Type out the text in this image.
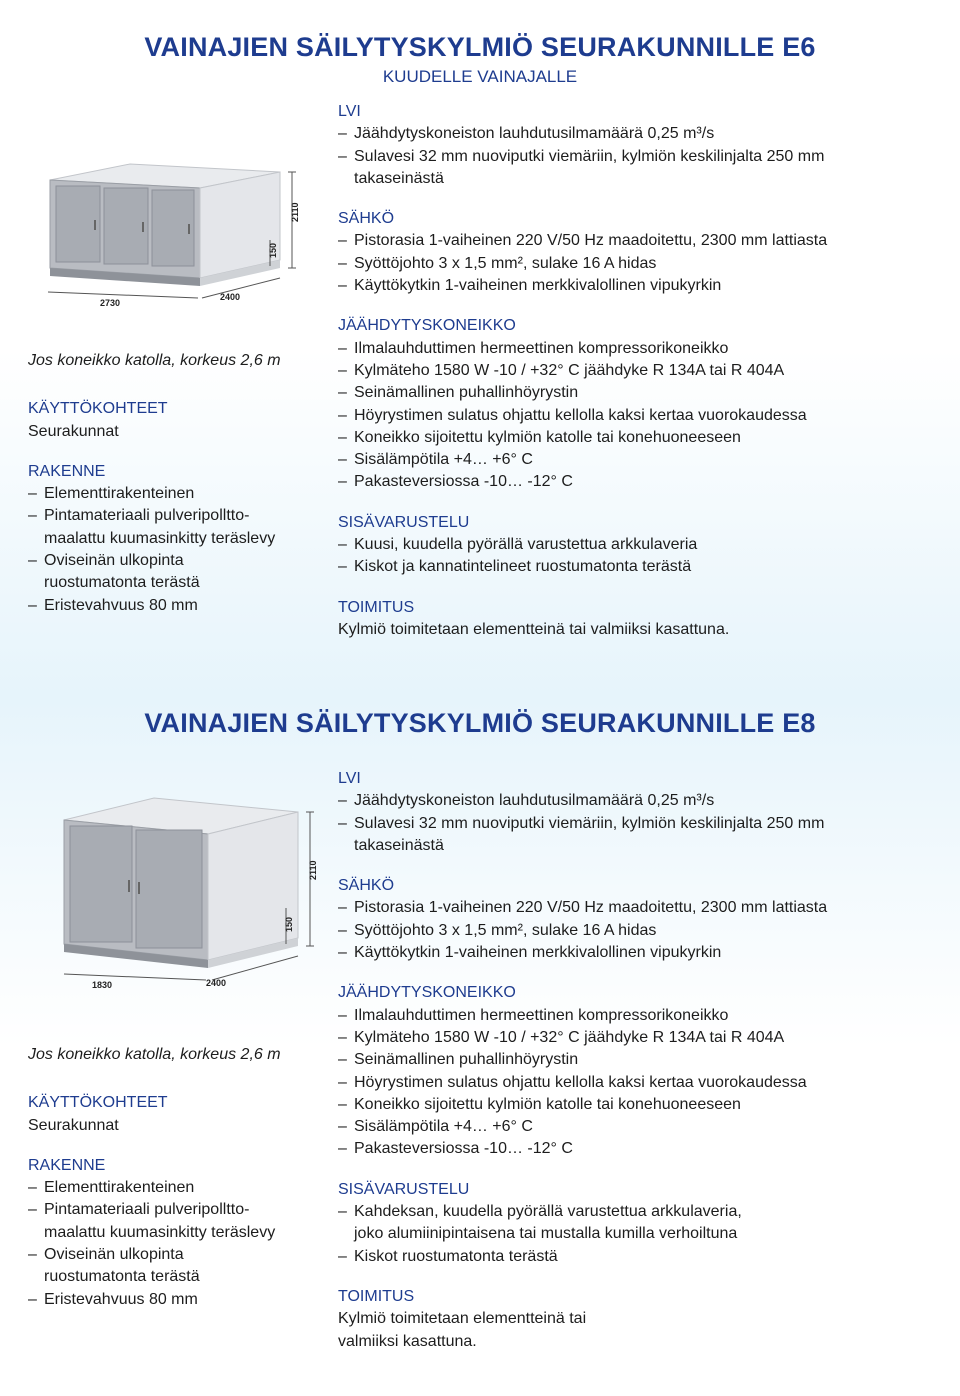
VAINAJIEN SÄILYTYSKYLMIÖ SEURAKUNNILLE E6
KUUDELLE VAINAJALLE
2110
150
2730
2400
LVI
– Jäähdytyskoneiston lauhdutusilmamäärä 0,25 m³/s
– Sulavesi 32 mm nuoviputki viemäriin, kylmiön keskilinjalta 250 mm
takaseinästä
SÄHKÖ
– Pistorasia 1-vaiheinen 220 V/50 Hz maadoitettu, 2300 mm lattiasta
– Syöttöjohto 3 x 1,5 mm², sulake 16 A hidas
– Käyttökytkin 1-vaiheinen merkkivalollinen vipukyrkin
JÄÄHDYTYSKONEIKKO
– Ilmalauhduttimen hermeettinen kompressorikoneikko
– Kylmäteho 1580 W -10 / +32° C jäähdyke R 134A tai R 404A
– Seinämallinen puhallinhöyrystin
– Höyrystimen sulatus ohjattu kellolla kaksi kertaa vuorokaudessa
– Koneikko sijoitettu kylmiön katolle tai konehuoneeseen
– Sisälämpötila +4… +6° C
– Pakasteversiossa -10… -12° C
SISÄVARUSTELU
– Kuusi, kuudella pyörällä varustettua arkkulaveria
– Kiskot ja kannatintelineet ruostumatonta terästä
TOIMITUS
Kylmiö toimitetaan elementteinä tai valmiiksi kasattuna.
Jos koneikko katolla, korkeus 2,6 m
KÄYTTÖKOHTEET
Seurakunnat
RAKENNE
– Elementtirakenteinen
– Pintamateriaali pulveripolltto-
maalattu kuumasinkitty teräslevy
– Oviseinän ulkopinta
ruostumatonta terästä
– Eristevahvuus 80 mm
VAINAJIEN SÄILYTYSKYLMIÖ SEURAKUNNILLE E8
2110
150
1830	2400
LVI
– Jäähdytyskoneiston lauhdutusilmamäärä 0,25 m³/s
– Sulavesi 32 mm nuoviputki viemäriin, kylmiön keskilinjalta 250 mm
takaseinästä
SÄHKÖ
– Pistorasia 1-vaiheinen 220 V/50 Hz maadoitettu, 2300 mm lattiasta
– Syöttöjohto 3 x 1,5 mm², sulake 16 A hidas
– Käyttökytkin 1-vaiheinen merkkivalollinen vipukyrkin
JÄÄHDYTYSKONEIKKO
– Ilmalauhduttimen hermeettinen kompressorikoneikko
– Kylmäteho 1580 W -10 / +32° C jäähdyke R 134A tai R 404A
– Seinämallinen puhallinhöyrystin
– Höyrystimen sulatus ohjattu kellolla kaksi kertaa vuorokaudessa
– Koneikko sijoitettu kylmiön katolle tai konehuoneeseen
– Sisälämpötila +4… +6° C
– Pakasteversiossa -10… -12° C
SISÄVARUSTELU
– Kahdeksan, kuudella pyörällä varustettua arkkulaveria,
joko alumiinipintaisena tai mustalla kumilla verhoiltuna
– Kiskot ruostumatonta terästä
TOIMITUS
Kylmiö toimitetaan elementteinä tai
valmiiksi kasattuna.
Jos koneikko katolla, korkeus 2,6 m
KÄYTTÖKOHTEET
Seurakunnat
RAKENNE
– Elementtirakenteinen
– Pintamateriaali pulveripolltto-
maalattu kuumasinkitty teräslevy
– Oviseinän ulkopinta
ruostumatonta terästä
– Eristevahvuus 80 mm
